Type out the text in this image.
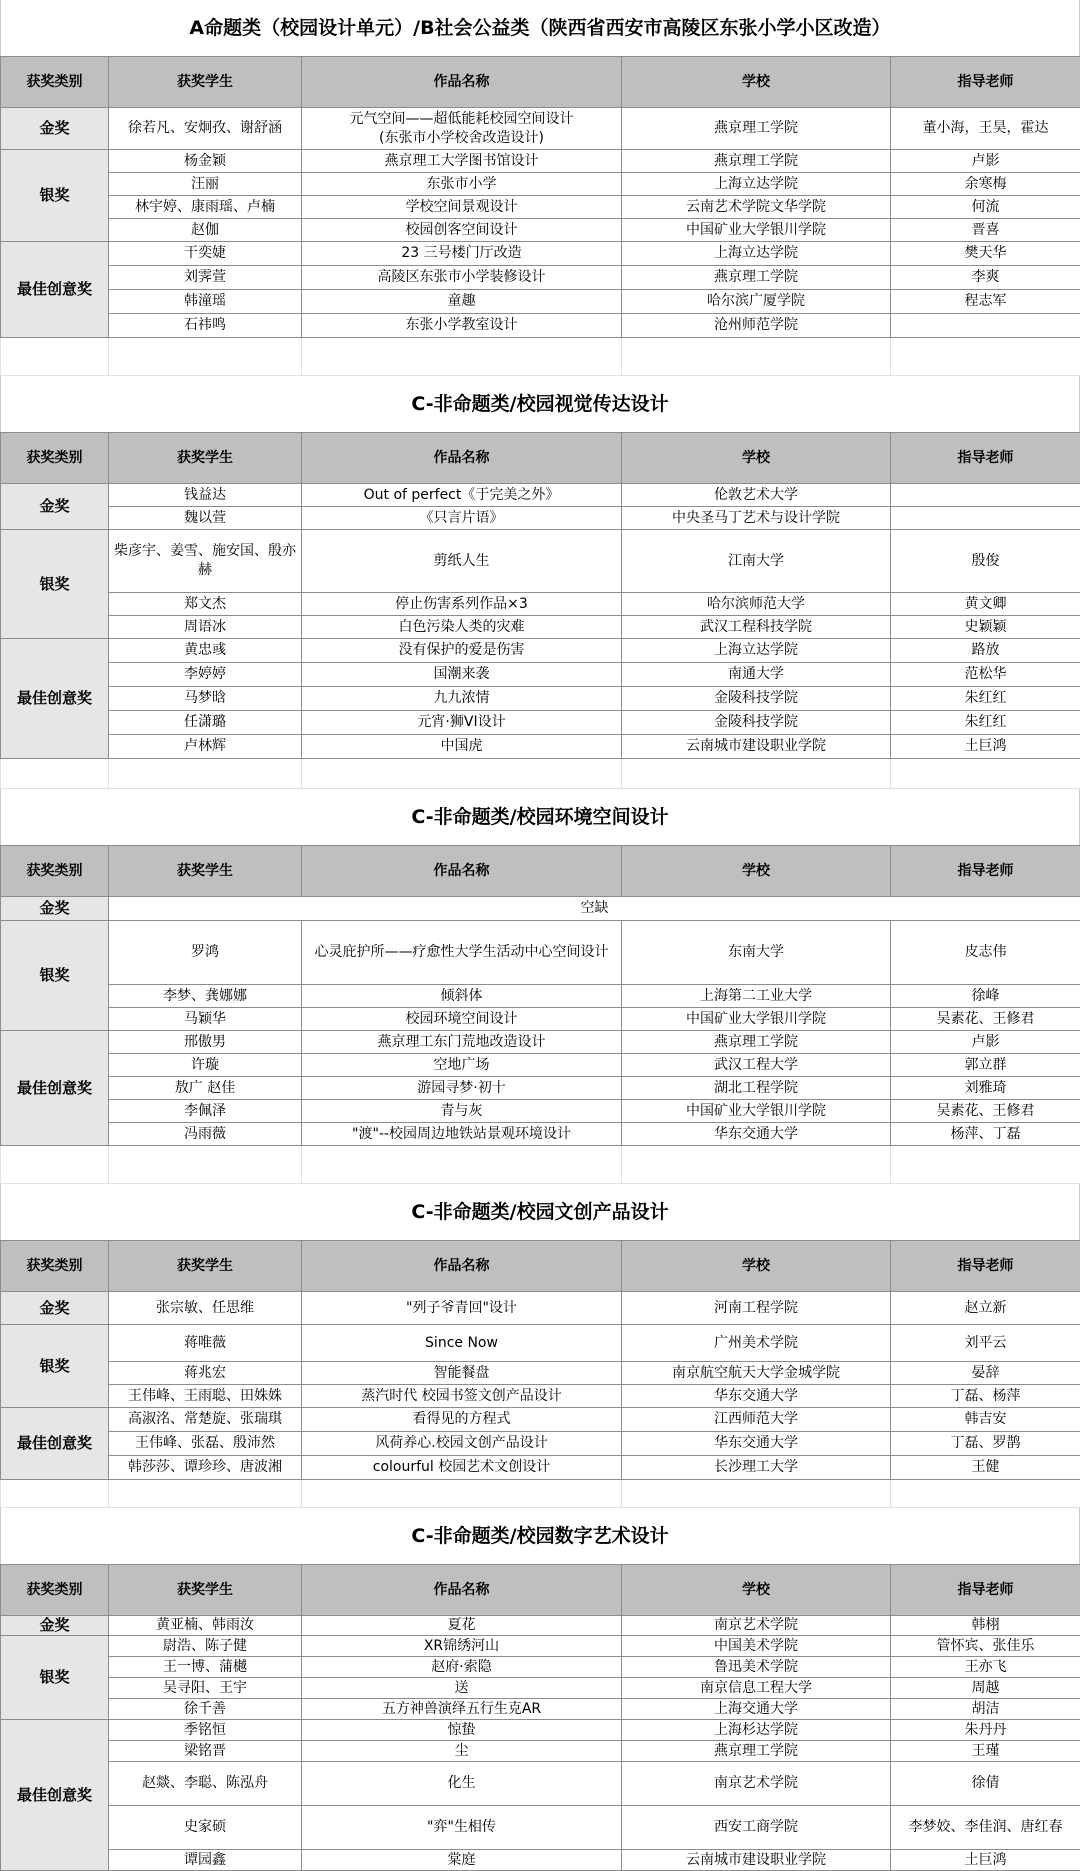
A命题类（校园设计单元）/B社会公益类（陕西省西安市高陵区东张小学小区改造）
获奖类别	获奖学生	作品名称	学校	指导老师
金奖	徐若凡、安炯孜、谢舒涵	元气空间——超低能耗校园空间设计
(东张市小学校舍改造设计)	燕京理工学院	董小海，王昊，霍达
银奖	杨金颖	燕京理工大学图书馆设计	燕京理工学院	卢影
	汪丽	东张市小学	上海立达学院	余寒梅
	林宇婷、康雨瑶、卢楠	学校空间景观设计	云南艺术学院文华学院	何流
	赵伽	校园创客空间设计	中国矿业大学银川学院	晋喜
最佳创意奖	干奕婕	23 三号楼门厅改造	上海立达学院	樊天华
	刘霁萱	高陵区东张市小学装修设计	燕京理工学院	李爽
	韩潼瑶	童趣	哈尔滨广厦学院	程志军
	石祎鸣	东张小学教室设计	沧州师范学院	

C-非命题类/校园视觉传达设计
获奖类别	获奖学生	作品名称	学校	指导老师
金奖	钱益达	Out of perfect《于完美之外》	伦敦艺术大学	
	魏以萱	《只言片语》	中央圣马丁艺术与设计学院	
银奖	柴彦宇、姜雪、施安国、殷亦赫	剪纸人生	江南大学	殷俊
	郑文杰	停止伤害系列作品×3	哈尔滨师范大学	黄文卿
	周语冰	白色污染人类的灾难	武汉工程科技学院	史颖颖
最佳创意奖	黄忠彧	没有保护的爱是伤害	上海立达学院	路放
	李婷婷	国潮来袭	南通大学	范松华
	马梦晗	九九浓情	金陵科技学院	朱红红
	任潇璐	元宵·狮VI设计	金陵科技学院	朱红红
	卢林辉	中国虎	云南城市建设职业学院	土巨鸿

C-非命题类/校园环境空间设计
获奖类别	获奖学生	作品名称	学校	指导老师
金奖	空缺			
银奖	罗鸿	心灵庇护所——疗愈性大学生活动中心空间设计	东南大学	皮志伟
	李梦、龚娜娜	倾斜体	上海第二工业大学	徐峰
	马颖华	校园环境空间设计	中国矿业大学银川学院	吴素花、王修君
最佳创意奖	邢傲男	燕京理工东门荒地改造设计	燕京理工学院	卢影
	许璇	空地广场	武汉工程大学	郭立群
	敖广 赵佳	游园寻梦·初十	湖北工程学院	刘雅琦
	李佩泽	青与灰	中国矿业大学银川学院	吴素花、王修君
	冯雨薇	"渡"--校园周边地铁站景观环境设计	华东交通大学	杨萍、丁磊

C-非命题类/校园文创产品设计
获奖类别	获奖学生	作品名称	学校	指导老师
金奖	张宗敏、任思维	"列子爷青回"设计	河南工程学院	赵立新
银奖	蒋唯薇	Since Now	广州美术学院	刘平云
	蒋兆宏	智能餐盘	南京航空航天大学金城学院	晏辞
	王伟峰、王雨聪、田姝姝	蒸汽时代 校园书签文创产品设计	华东交通大学	丁磊、杨萍
最佳创意奖	高淑洺、常楚旋、张瑞琪	看得见的方程式	江西师范大学	韩吉安
	王伟峰、张磊、殷沛然	风荷养心.校园文创产品设计	华东交通大学	丁磊、罗鹊
	韩莎莎、谭珍珍、唐波湘	colourful 校园艺术文创设计	长沙理工大学	王健

C-非命题类/校园数字艺术设计
获奖类别	获奖学生	作品名称	学校	指导老师
金奖	黄亚楠、韩雨汝	夏花	南京艺术学院	韩栩
银奖	尉浩、陈子健	XR锦绣河山	中国美术学院	管怀宾、张佳乐
	王一博、蒲樾	赵府·索隐	鲁迅美术学院	王亦飞
	吴寻阳、王宇	送	南京信息工程大学	周越
	徐千善	五方神兽演绎五行生克AR	上海交通大学	胡洁
最佳创意奖	季铭恒	惊蛰	上海杉达学院	朱丹丹
	梁铭晋	尘	燕京理工学院	王瑾
	赵燚、李聪、陈泓舟	化生	南京艺术学院	徐倩
	史家硕	"弈"生相传	西安工商学院	李梦姣、李佳润、唐红春
	谭园鑫	棠庭	云南城市建设职业学院	土巨鸿
